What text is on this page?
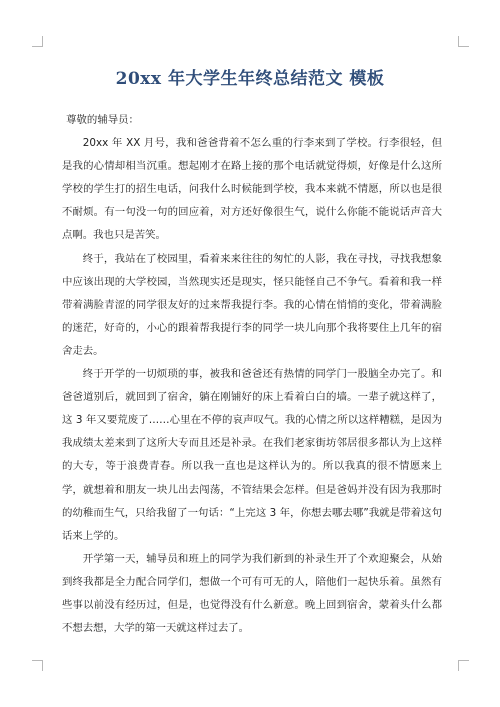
20xx 年大学生年终总结范文 模板

尊敬的辅导员：

20xx 年 XX 月号，我和爸爸背着不怎么重的行李来到了学校。行李很轻，但是我的心情却相当沉重。想起刚才在路上接的那个电话就觉得烦，好像是什么这所学校的学生打的招生电话，问我什么时候能到学校，我本来就不情愿，所以也是很不耐烦。有一句没一句的回应着，对方还好像很生气，说什么你能不能说话声音大点啊。我也只是苦笑。

终于，我站在了校园里，看着来来往往的匆忙的人影，我在寻找，寻找我想象中应该出现的大学校园，当然现实还是现实，怪只能怪自己不争气。看着和我一样带着满脸青涩的同学很友好的过来帮我提行李。我的心情在悄悄的变化，带着满脸的迷茫，好奇的，小心的跟着帮我提行李的同学一块儿向那个我将要住上几年的宿舍走去。

终于开学的一切烦琐的事，被我和爸爸还有热情的同学门一股脑全办完了。和爸爸道别后，就回到了宿舍，躺在刚铺好的床上看着白白的墙。一辈子就这样了，这 3 年又要荒废了……心里在不停的哀声叹气。我的心情之所以这样糟糕，是因为我成绩太差来到了这所大专而且还是补录。在我们老家街坊邻居很多都认为上这样的大专，等于浪费青春。所以我一直也是这样认为的。所以我真的很不情愿来上学，就想着和朋友一块儿出去闯荡，不管结果会怎样。但是爸妈并没有因为我那时的幼稚而生气，只给我留了一句话：“上完这 3 年，你想去哪去哪”我就是带着这句话来上学的。

开学第一天，辅导员和班上的同学为我们新到的补录生开了个欢迎聚会，从始到终我都是全力配合同学们，想做一个可有可无的人，陪他们一起快乐着。虽然有些事以前没有经历过，但是，也觉得没有什么新意。晚上回到宿舍，蒙着头什么都不想去想，大学的第一天就这样过去了。
